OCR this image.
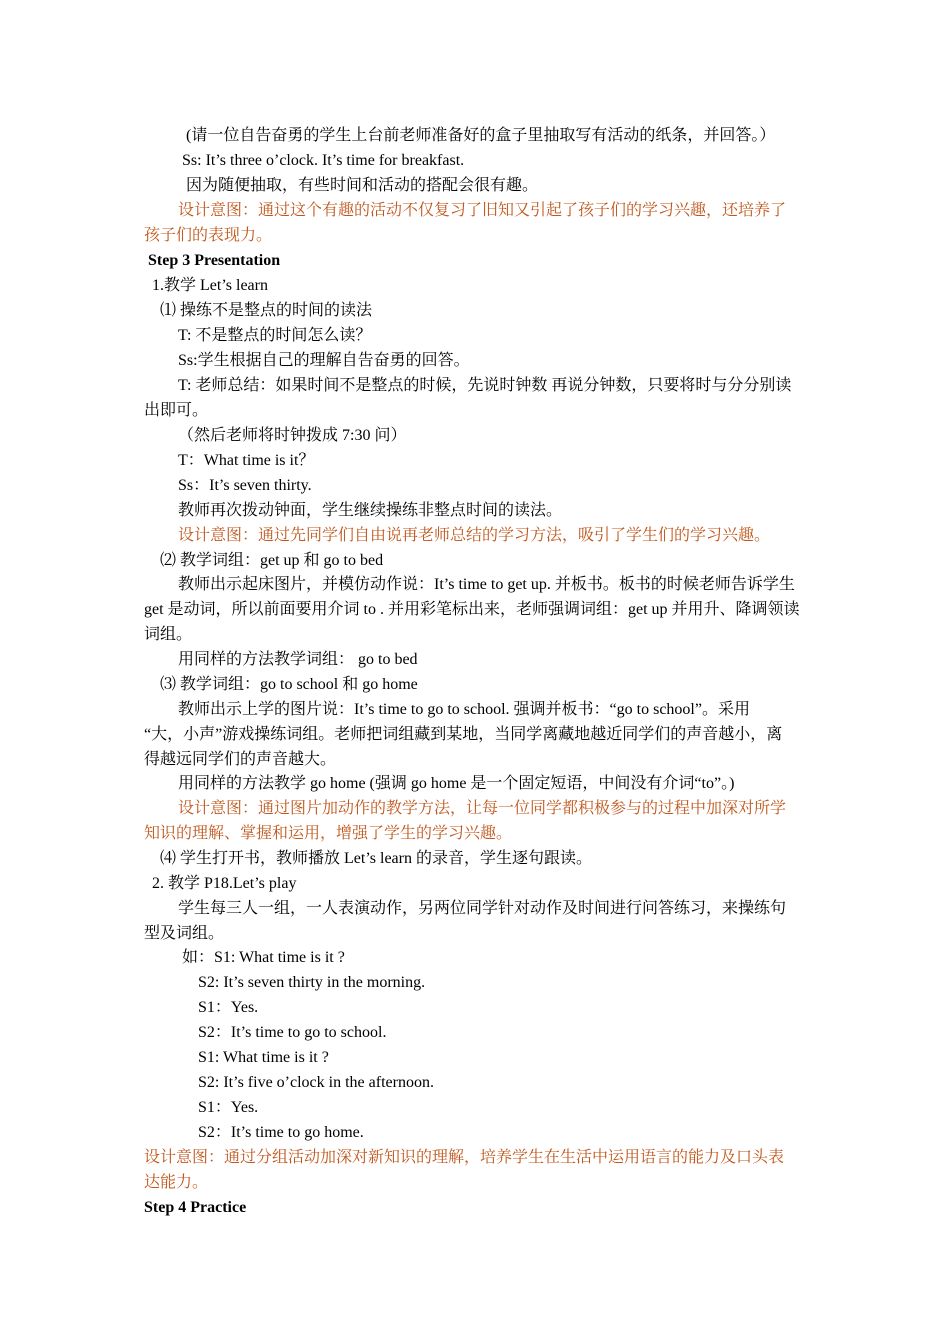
(请一位自告奋勇的学生上台前老师准备好的盒子里抽取写有活动的纸条，并回答。）
Ss: It’s three o’clock. It’s time for breakfast.
因为随便抽取，有些时间和活动的搭配会很有趣。
设计意图：通过这个有趣的活动不仅复习了旧知又引起了孩子们的学习兴趣，还培养了
孩子们的表现力。
Step 3 Presentation
1.教学 Let’s learn
⑴ 操练不是整点的时间的读法
T: 不是整点的时间怎么读？
Ss:学生根据自己的理解自告奋勇的回答。
T: 老师总结：如果时间不是整点的时候，先说时钟数 再说分钟数，只要将时与分分别读
出即可。
（然后老师将时钟拨成 7:30 问）
T：What time is it？
Ss：It’s seven thirty.
教师再次拨动钟面，学生继续操练非整点时间的读法。
设计意图：通过先同学们自由说再老师总结的学习方法，吸引了学生们的学习兴趣。
⑵ 教学词组：get up 和 go to bed
教师出示起床图片，并模仿动作说：It’s time to get up. 并板书。板书的时候老师告诉学生
get 是动词，所以前面要用介词 to . 并用彩笔标出来，老师强调词组：get up 并用升、降调领读
词组。
用同样的方法教学词组： go to bed
⑶ 教学词组：go to school 和 go home
教师出示上学的图片说：It’s time to go to school. 强调并板书：“go to school”。采用
“大，小声”游戏操练词组。老师把词组藏到某地，当同学离藏地越近同学们的声音越小，离
得越远同学们的声音越大。
用同样的方法教学 go home (强调 go home 是一个固定短语，中间没有介词“to”。)
设计意图：通过图片加动作的教学方法，让每一位同学都积极参与的过程中加深对所学
知识的理解、掌握和运用，增强了学生的学习兴趣。
⑷ 学生打开书，教师播放 Let’s learn 的录音，学生逐句跟读。
2. 教学 P18.Let’s play
学生每三人一组，一人表演动作，另两位同学针对动作及时间进行问答练习，来操练句
型及词组。
如：S1: What time is it ?
S2: It’s seven thirty in the morning.
S1：Yes.
S2：It’s time to go to school.
S1: What time is it ?
S2: It’s five o’clock in the afternoon.
S1：Yes.
S2：It’s time to go home.
设计意图：通过分组活动加深对新知识的理解，培养学生在生活中运用语言的能力及口头表
达能力。
Step 4 Practice
